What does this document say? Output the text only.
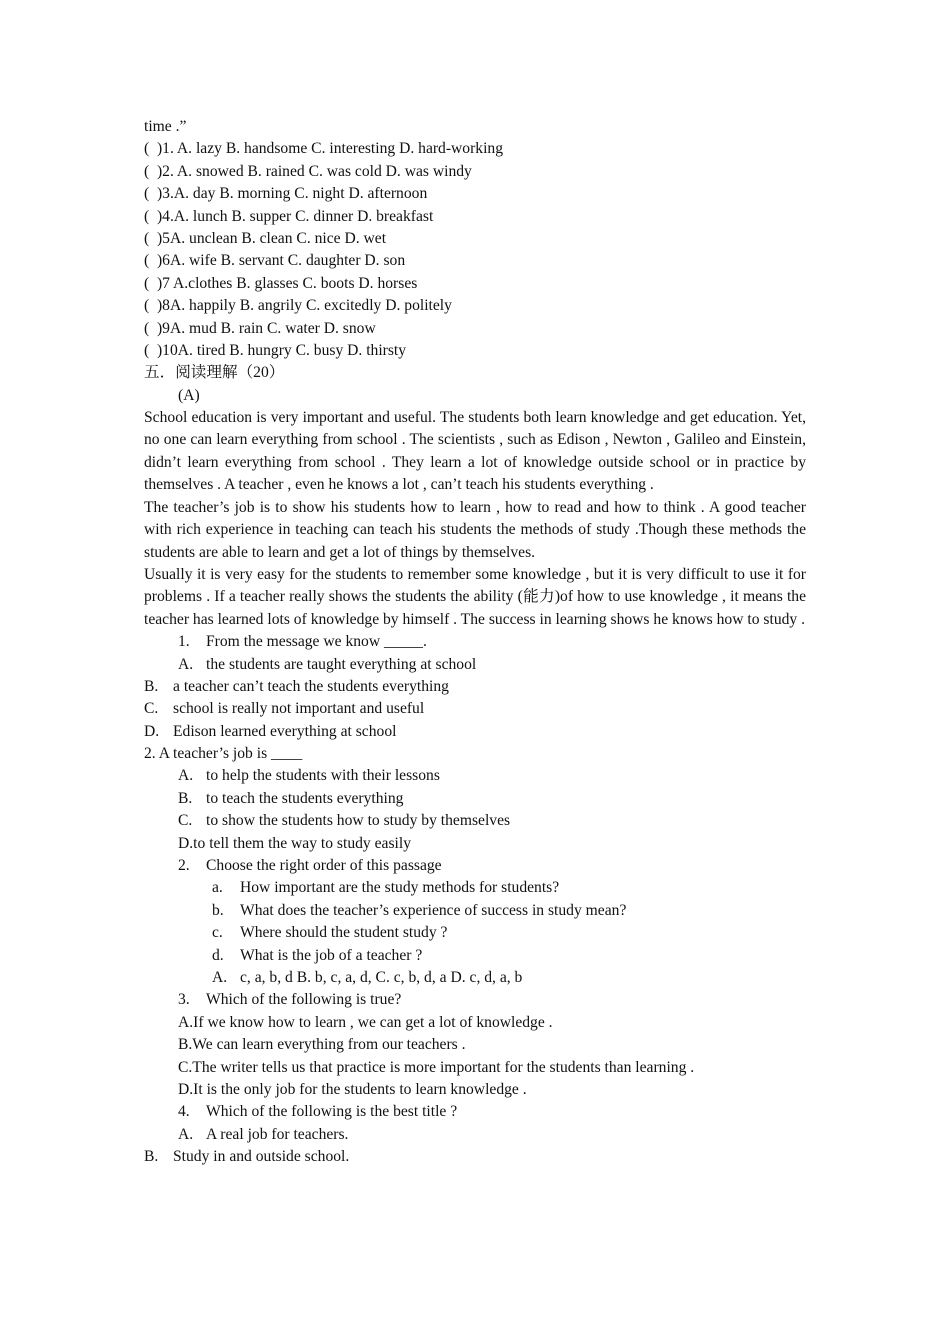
time .”
(  )1. A. lazy B. handsome C. interesting D. hard-working
(  )2. A. snowed B. rained C. was cold D. was windy
(  )3.A. day B. morning C. night D. afternoon
(  )4.A. lunch B. supper C. dinner D. breakfast
(  )5A. unclean B. clean C. nice D. wet
(  )6A. wife B. servant C. daughter D. son
(  )7 A.clothes B. glasses C. boots D. horses
(  )8A. happily B. angrily C. excitedly D. politely
(  )9A. mud B. rain C. water D. snow
(  )10A. tired B. hungry C. busy D. thirsty
五．阅读理解（20）
(A)

School education is very important and useful. The students both learn knowledge and get education. Yet, no one can learn everything from school . The scientists , such as Edison , Newton , Galileo and Einstein, didn’t learn everything from school . They learn a lot of knowledge outside school or in practice by themselves . A teacher , even he knows a lot , can’t teach his students everything .

The teacher’s job is to show his students how to learn , how to read and how to think . A good teacher with rich experience in teaching can teach his students the methods of study .Though these methods the students are able to learn and get a lot of things by themselves.

Usually it is very easy for the students to remember some knowledge , but it is very difficult to use it for problems . If a teacher really shows the students the ability (能力)of how to use knowledge , it means the teacher has learned lots of knowledge by himself . The success in learning shows he knows how to study .

1. From the message we know _____.
A. the students are taught everything at school
B. a teacher can’t teach the students everything
C. school is really not important and useful
D. Edison learned everything at school
2. A teacher’s job is ____
A. to help the students with their lessons
B. to teach the students everything
C. to show the students how to study by themselves
D.to tell them the way to study easily
2. Choose the right order of this passage
a. How important are the study methods for students?
b. What does the teacher’s experience of success in study mean?
c. Where should the student study ?
d. What is the job of a teacher ?
A. c, a, b, d B. b, c, a, d, C. c, b, d, a D. c, d, a, b
3. Which of the following is true?
A.If we know how to learn , we can get a lot of knowledge .
B.We can learn everything from our teachers .
C.The writer tells us that practice is more important for the students than learning .
D.It is the only job for the students to learn knowledge .
4. Which of the following is the best title ?
A. A real job for teachers.
B. Study in and outside school.
